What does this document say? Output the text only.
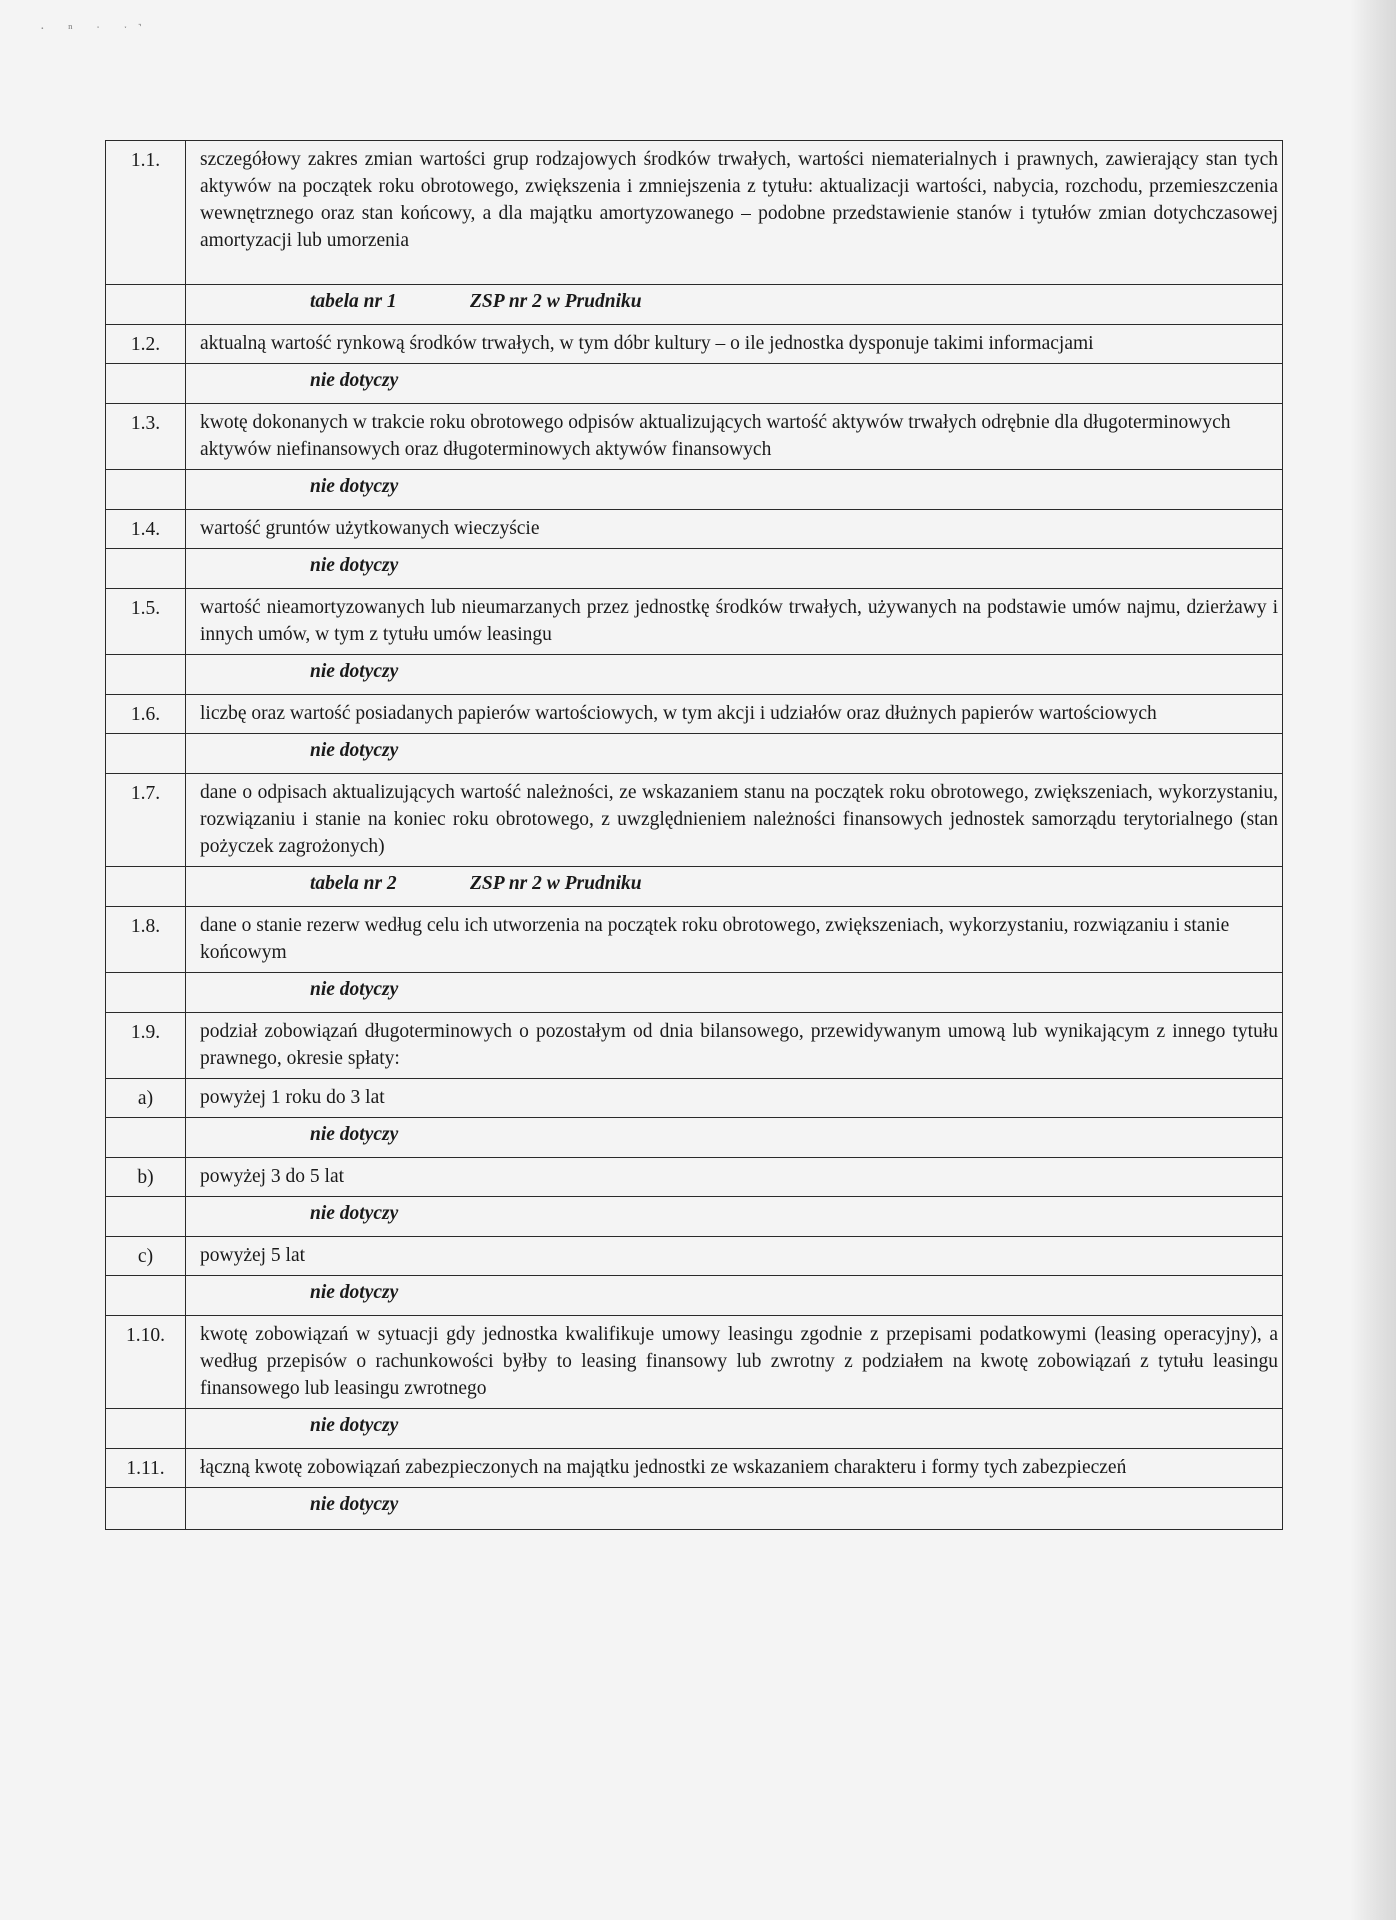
· ⁿ ˑ ˑ˺
1.1.	szczegółowy zakres zmian wartości grup rodzajowych środków trwałych, wartości niematerialnych i prawnych, zawierający stan tych aktywów na początek roku obrotowego, zwiększenia i zmniejszenia z tytułu: aktualizacji wartości, nabycia, rozchodu, przemieszczenia wewnętrznego oraz stan końcowy, a dla majątku amortyzowanego – podobne przedstawienie stanów i tytułów zmian dotychczasowej amortyzacji lub umorzenia
	tabela nr 1 ZSP nr 2 w Prudniku
1.2.	aktualną wartość rynkową środków trwałych, w tym dóbr kultury – o ile jednostka dysponuje takimi informacjami
	nie dotyczy
1.3.	kwotę dokonanych w trakcie roku obrotowego odpisów aktualizujących wartość aktywów trwałych odrębnie dla długoterminowych aktywów niefinansowych oraz długoterminowych aktywów finansowych
	nie dotyczy
1.4.	wartość gruntów użytkowanych wieczyście
	nie dotyczy
1.5.	wartość nieamortyzowanych lub nieumarzanych przez jednostkę środków trwałych, używanych na podstawie umów najmu, dzierżawy i innych umów, w tym z tytułu umów leasingu
	nie dotyczy
1.6.	liczbę oraz wartość posiadanych papierów wartościowych, w tym akcji i udziałów oraz dłużnych papierów wartościowych
	nie dotyczy
1.7.	dane o odpisach aktualizujących wartość należności, ze wskazaniem stanu na początek roku obrotowego, zwiększeniach, wykorzystaniu, rozwiązaniu i stanie na koniec roku obrotowego, z uwzględnieniem należności finansowych jednostek samorządu terytorialnego (stan pożyczek zagrożonych)
	tabela nr 2 ZSP nr 2 w Prudniku
1.8.	dane o stanie rezerw według celu ich utworzenia na początek roku obrotowego, zwiększeniach, wykorzystaniu, rozwiązaniu i stanie końcowym
	nie dotyczy
1.9.	podział zobowiązań długoterminowych o pozostałym od dnia bilansowego, przewidywanym umową lub wynikającym z innego tytułu prawnego, okresie spłaty:
a)	powyżej 1 roku do 3 lat
	nie dotyczy
b)	powyżej 3 do 5 lat
	nie dotyczy
c)	powyżej 5 lat
	nie dotyczy
1.10.	kwotę zobowiązań w sytuacji gdy jednostka kwalifikuje umowy leasingu zgodnie z przepisami podatkowymi (leasing operacyjny), a według przepisów o rachunkowości byłby to leasing finansowy lub zwrotny z podziałem na kwotę zobowiązań z tytułu leasingu finansowego lub leasingu zwrotnego
	nie dotyczy
1.11.	łączną kwotę zobowiązań zabezpieczonych na majątku jednostki ze wskazaniem charakteru i formy tych zabezpieczeń
	nie dotyczy
